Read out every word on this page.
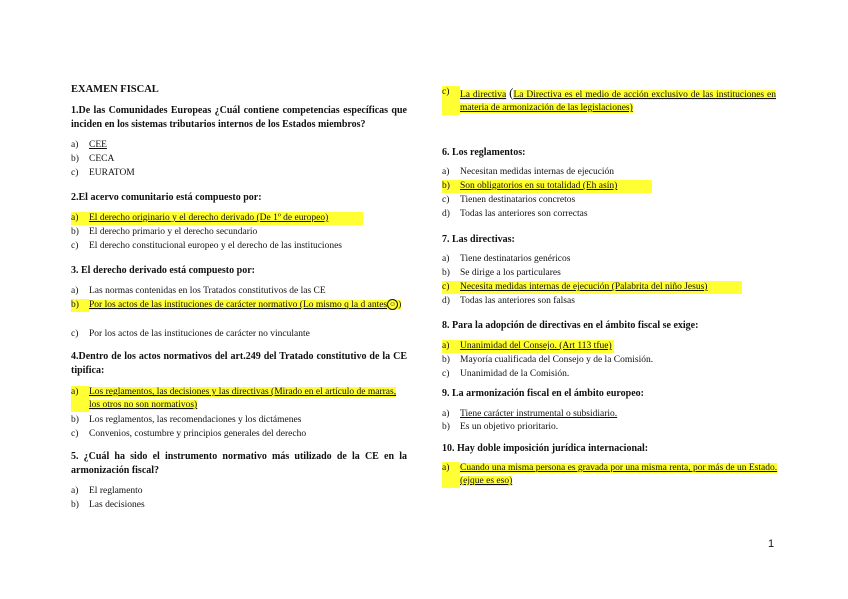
EXAMEN FISCAL
1.De las Comunidades Europeas ¿Cuál contiene competencias específicas que inciden en los sistemas tributarios internos de los Estados miembros?
a)	CEE
b)	CECA
c)	EURATOM
2.El acervo comunitario está compuesto por:
a)	El derecho originario y el derecho derivado (De 1º de europeo)
b)	El derecho primario y el derecho secundario
c)	El derecho constitucional europeo y el derecho de las instituciones
3. El derecho derivado está compuesto por:
a)	Las normas contenidas en los Tratados constitutivos de las CE
b)	Por los actos de las instituciones de carácter normativo (Lo mismo q la d antes ☺ )
c)	Por los actos de las instituciones de carácter no vinculante
4.Dentro de los actos normativos del art.249 del Tratado constitutivo de la CE tipifica:
a)	Los reglamentos, las decisiones y las directivas (Mirado en el artículo de marras, los otros no son normativos)
b)	Los reglamentos, las recomendaciones y los dictámenes
c)	Convenios, costumbre y principios generales del derecho
5. ¿Cuál ha sido el instrumento normativo más utilizado de la CE en la armonización fiscal?
a)	El reglamento
b)	Las decisiones
c)	La directiva (La Directiva es el medio de acción exclusivo de las instituciones en materia de armonización de las legislaciones)
6. Los reglamentos:
a)	Necesitan medidas internas de ejecución
b)	Son obligatorios en su totalidad (Eh asín)
c)	Tienen destinatarios concretos
d)	Todas las anteriores son correctas
7. Las directivas:
a)	Tiene destinatarios genéricos
b)	Se dirige a los particulares
c)	Necesita medidas internas de ejecución (Palabrita del niño Jesus)
d)	Todas las anteriores son falsas
8. Para la adopción de directivas en el ámbito fiscal se exige:
a)	Unanimidad del Consejo. (Art 113 tfue)
b)	Mayoría cualificada del Consejo y de la Comisión.
c)	Unanimidad de la Comisión.
9. La armonización fiscal en el ámbito europeo:
a)	Tiene carácter instrumental o subsidiario.
b)	Es un objetivo prioritario.
10. Hay doble imposición jurídica internacional:
a)	Cuando una misma persona es gravada por una misma renta, por más de un Estado. (ejque es eso)
1
